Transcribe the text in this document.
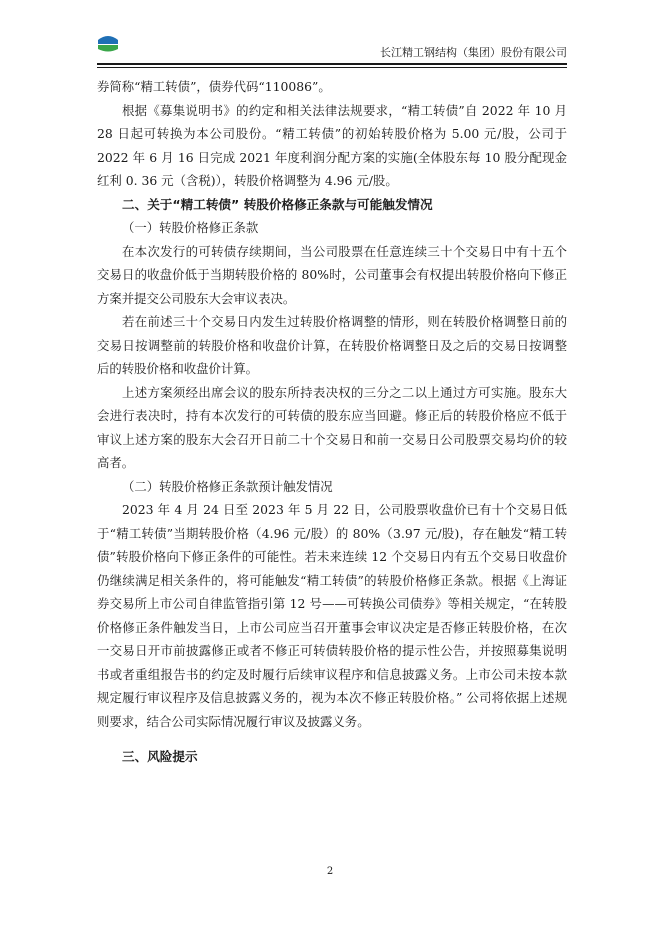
长江精工钢结构（集团）股份有限公司

券简称“精工转债”，债券代码“110086”。

根据《募集说明书》的约定和相关法律法规要求，“精工转债”自 2022 年 10 月 28 日起可转换为本公司股份。“精工转债”的初始转股价格为 5.00 元/股，公司于 2022 年 6 月 16 日完成 2021 年度利润分配方案的实施(全体股东每 10 股分配现金红利 0. 36 元（含税)），转股价格调整为 4.96 元/股。

二、关于“精工转债” 转股价格修正条款与可能触发情况

（一）转股价格修正条款

在本次发行的可转债存续期间，当公司股票在任意连续三十个交易日中有十五个交易日的收盘价低于当期转股价格的 80%时，公司董事会有权提出转股价格向下修正方案并提交公司股东大会审议表决。

若在前述三十个交易日内发生过转股价格调整的情形，则在转股价格调整日前的交易日按调整前的转股价格和收盘价计算，在转股价格调整日及之后的交易日按调整后的转股价格和收盘价计算。

上述方案须经出席会议的股东所持表决权的三分之二以上通过方可实施。股东大会进行表决时，持有本次发行的可转债的股东应当回避。修正后的转股价格应不低于审议上述方案的股东大会召开日前二十个交易日和前一交易日公司股票交易均价的较高者。

（二）转股价格修正条款预计触发情况

2023 年 4 月 24 日至 2023 年 5 月 22 日，公司股票收盘价已有十个交易日低于“精工转债”当期转股价格（4.96 元/股）的 80%（3.97 元/股)，存在触发“精工转债”转股价格向下修正条件的可能性。若未来连续 12 个交易日内有五个交易日收盘价仍继续满足相关条件的，将可能触发“精工转债”的转股价格修正条款。根据《上海证券交易所上市公司自律监管指引第 12 号——可转换公司债券》等相关规定，“在转股价格修正条件触发当日，上市公司应当召开董事会审议决定是否修正转股价格，在次一交易日开市前披露修正或者不修正可转债转股价格的提示性公告，并按照募集说明书或者重组报告书的约定及时履行后续审议程序和信息披露义务。上市公司未按本款规定履行审议程序及信息披露义务的，视为本次不修正转股价格。” 公司将依据上述规则要求，结合公司实际情况履行审议及披露义务。

三、风险提示

2
